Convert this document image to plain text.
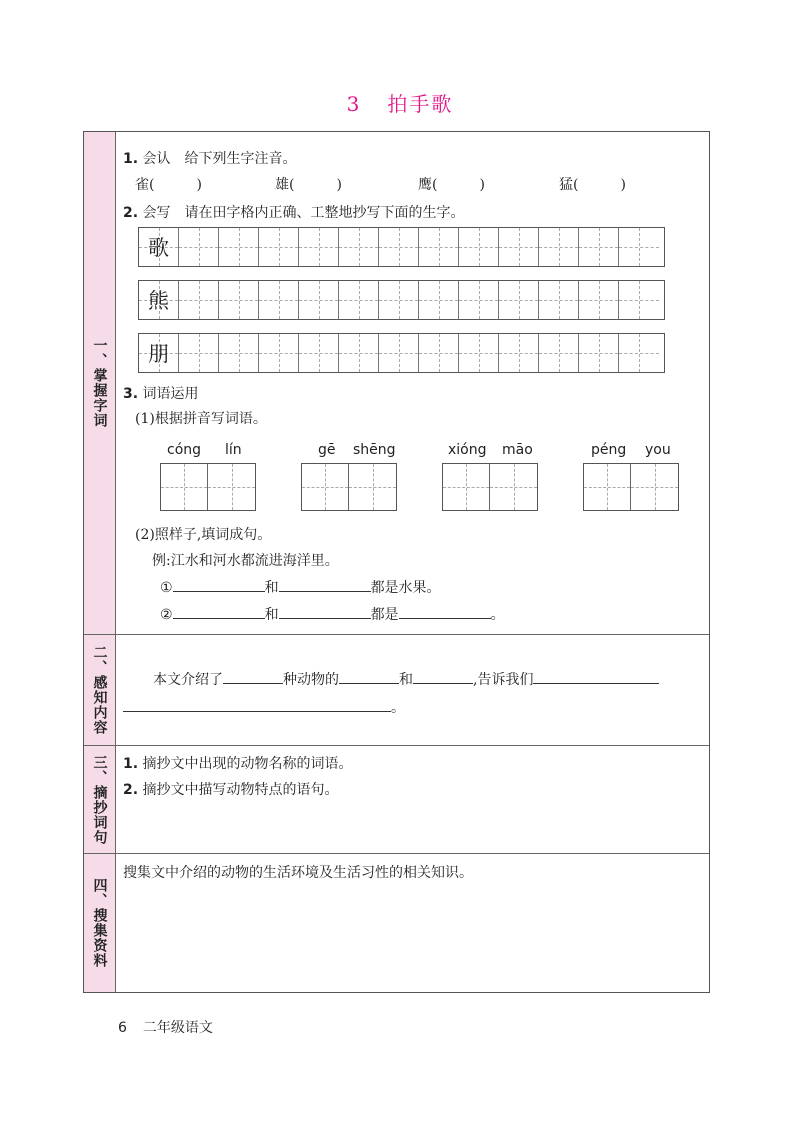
3 拍手歌
一、掌握字词
1. 会认　给下列生字注音。
雀(　　　)	雄(　　　)	鹰(　　　)	猛(　　　)
2. 会写　请在田字格内正确、工整地抄写下面的生字。
歌
熊
朋
3. 词语运用
(1)根据拼音写词语。
cóng lín	gē shēng	xióng māo	péng you
(2)照样子,填词成句。
例:江水和河水都流进海洋里。
①	和	都是水果。
②	和	都是	。
二、感知内容	本文介绍了	种动物的	和	,告诉我们
。
三、摘抄词句 1. 摘抄文中出现的动物名称的词语。
2. 摘抄文中描写动物特点的语句。
四、搜集资料
搜集文中介绍的动物的生活环境及生活习性的相关知识。
6 二年级语文
